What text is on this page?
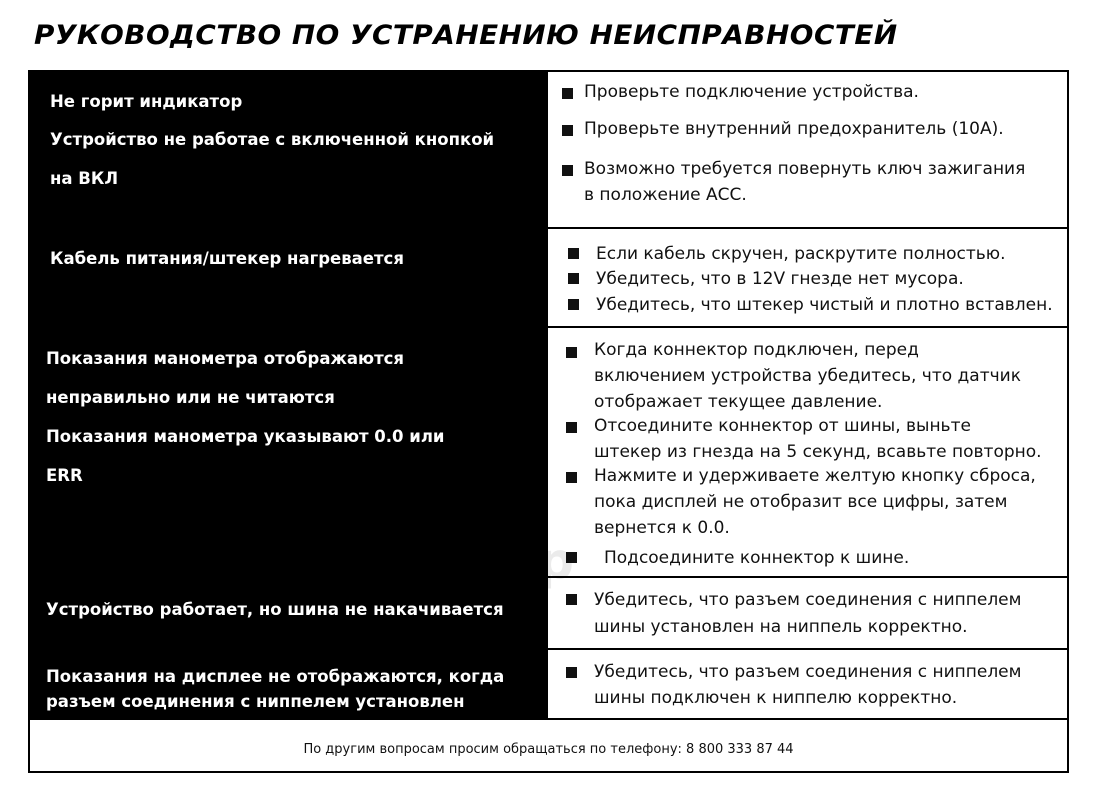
РУКОВОДСТВО ПО УСТРАНЕНИЮ НЕИСПРАВНОСТЕЙ
Не горит индикатор
Устройство не работае с включенной кнопкой
на ВКЛ
Проверьте подключение устройства.
Проверьте внутренний предохранитель (10А).
Возможно требуется повернуть ключ зажигания
в положение АСС.
Кабель питания/штекер нагревается	Если кабель скручен, раскрутите полностью.
Убедитесь, что в 12V гнезде нет мусора.
Убедитесь, что штекер чистый и плотно вставлен.
Показания манометра отображаются
неправильно или не читаются
Показания манометра указывают 0.0 или
ERR
Когда коннектор подключен, перед
включением устройства убедитесь, что датчик
отображает текущее давление.
Отсоедините коннектор от шины, выньте
штекер из гнезда на 5 секунд, всавьте повторно.
Нажмите и удерживаете желтую кнопку сброса,
пока дисплей не отобразит все цифры, затем
вернется к 0.0.
Подсоедините коннектор к шине.
Устройство работает, но шина не накачивается	Убедитесь, что разъем соединения с ниппелем
шины установлен на ниппель корректно.
Показания на дисплее не отображаются, когда
разъем соединения с ниппелем установлен
Убедитесь, что разъем соединения с ниппелем
шины подключен к ниппелю корректно.
По другим вопросам просим обращаться по телефону: 8 800 333 87 44
